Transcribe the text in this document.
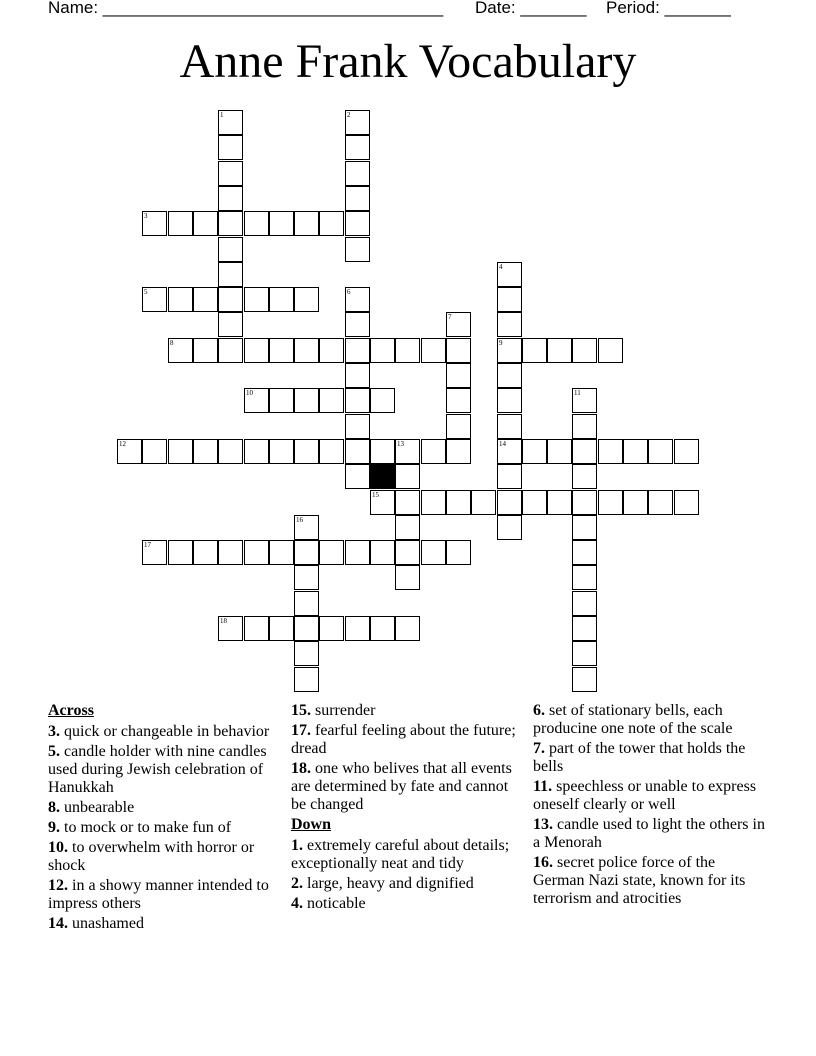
Name: ____________________________________ Date: _______ Period: _______
Anne Frank Vocabulary
1	2
3
4
9
14
5	6
7
8
10	11
12	13
15
16
17
18
Across
3. quick or changeable in behavior
5. candle holder with nine candles used during Jewish celebration of Hanukkah
8. unbearable
9. to mock or to make fun of
10. to overwhelm with horror or shock
12. in a showy manner intended to impress others
14. unashamed
15. surrender
17. fearful feeling about the future; dread
18. one who belives that all events are determined by fate and cannot be changed
Down
1. extremely careful about details; exceptionally neat and tidy
2. large, heavy and dignified
4. noticable
6. set of stationary bells, each producine one note of the scale
7. part of the tower that holds the bells
11. speechless or unable to express oneself clearly or well
13. candle used to light the others in a Menorah
16. secret police force of the German Nazi state, known for its terrorism and atrocities
